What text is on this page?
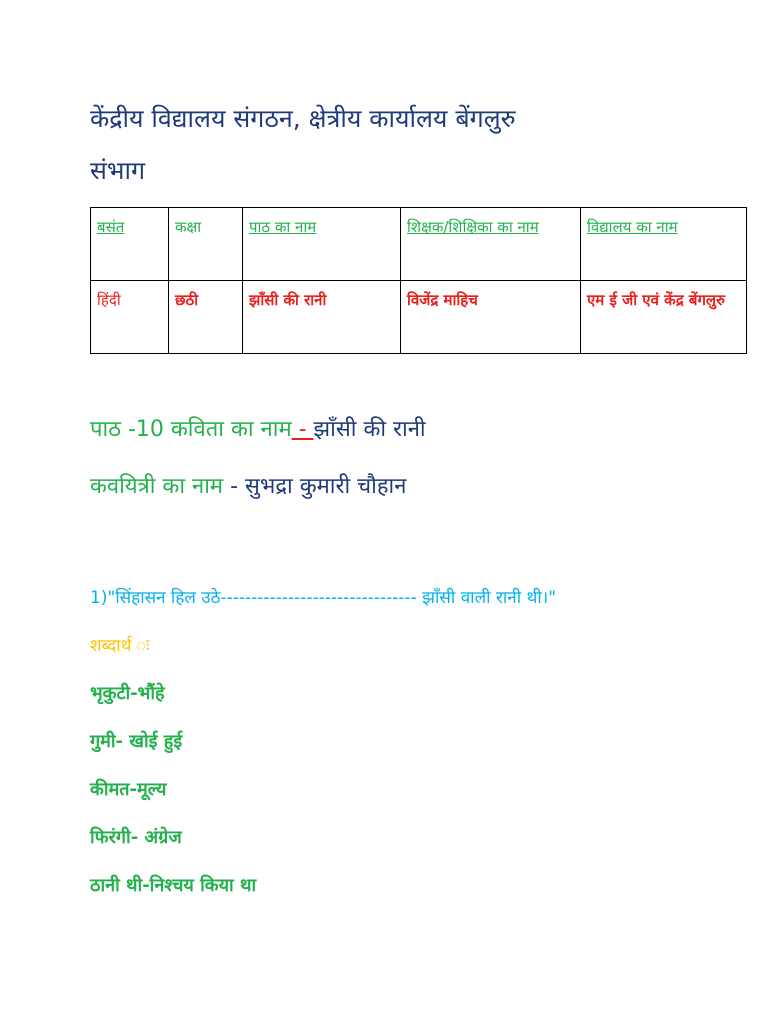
केंद्रीय विद्यालय संगठन, क्षेत्रीय कार्यालय बेंगलुरु
संभाग
बसंत	कक्षा	पाठ का नाम	शिक्षक/शिक्षिका का नाम	विद्यालय का नाम
हिंदी	छठी	झाँसी की रानी	विजेंद्र माहिच	एम ई जी एवं केंद्र बेंगलुरु
पाठ -10 कविता का नाम - झाँसी की रानी
कवयित्री का नाम - सुभद्रा कुमारी चौहान
1)"सिंहासन हिल उठे-------------------------------- झाँसी वाली रानी थी।"
शब्दार्थ ः
भृकुटी-भौंहे
गुमी- खोई हुई
कीमत-मूल्य
फिरंगी- अंग्रेज
ठानी थी-निश्चय किया था
